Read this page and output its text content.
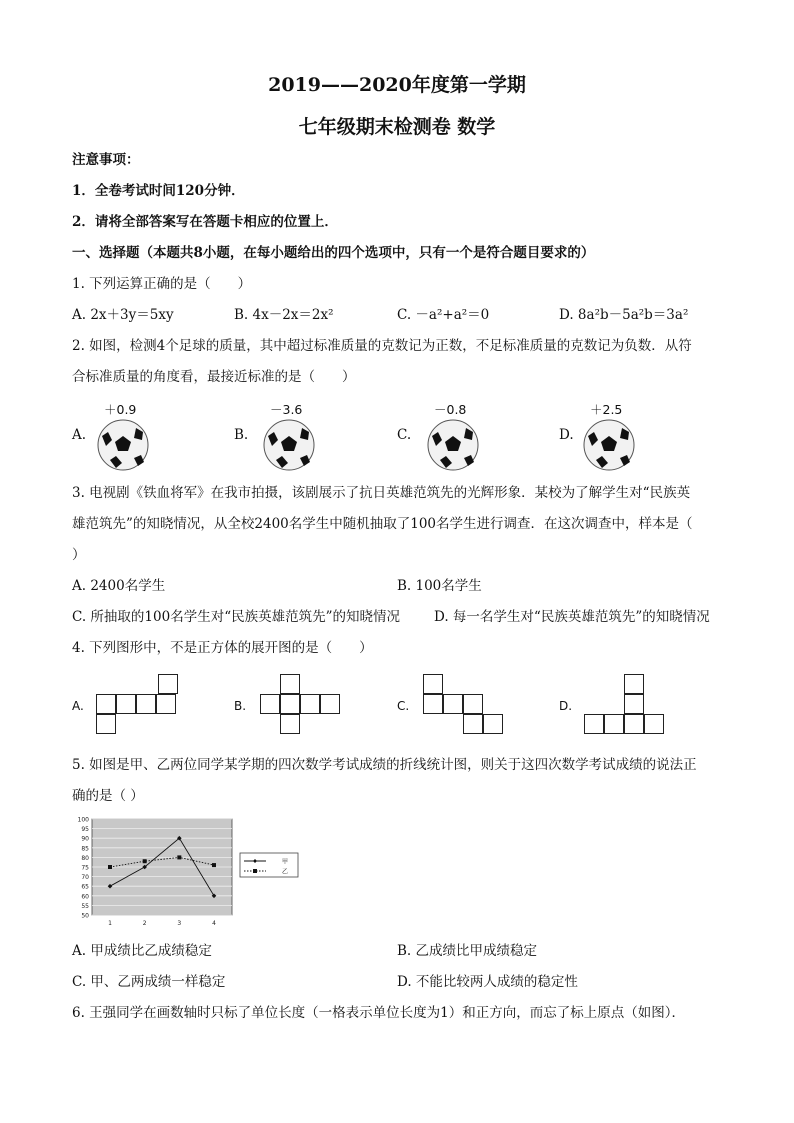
2019——2020年度第一学期
七年级期末检测卷 数学
注意事项：
1．全卷考试时间120分钟．
2．请将全部答案写在答题卡相应的位置上．
一、选择题（本题共8小题，在每小题给出的四个选项中，只有一个是符合题目要求的）
1. 下列运算正确的是（　　）
A. 2x＋3y＝5xy	B. 4x－2x＝2x²	C. －a²+a²＝0	D. 8a²b－5a²b＝3a²
2. 如图，检测4个足球的质量，其中超过标准质量的克数记为正数，不足标准质量的克数记为负数．从符
合标准质量的角度看，最接近标准的是（　　）
A.
＋0.9
B.
－3.6
C.
－0.8
D.
＋2.5
3. 电视剧《铁血将军》在我市拍摄，该剧展示了抗日英雄范筑先的光辉形象．某校为了解学生对“民族英
雄范筑先”的知晓情况，从全校2400名学生中随机抽取了100名学生进行调查．在这次调查中，样本是（
）
A. 2400名学生	B. 100名学生
C. 所抽取的100名学生对“民族英雄范筑先”的知晓情况	D. 每一名学生对“民族英雄范筑先”的知晓情况
4. 下列图形中，不是正方体的展开图的是（　　）
A.	B.	C.	D.
5. 如图是甲、乙两位同学某学期的四次数学考试成绩的折线统计图，则关于这四次数学考试成绩的说法正
确的是（ ）
50
55
60
65
70
75
80
85
90
95
100
1	2	3	4
甲
乙
A. 甲成绩比乙成绩稳定	B. 乙成绩比甲成绩稳定
C. 甲、乙两成绩一样稳定	D. 不能比较两人成绩的稳定性
6. 王强同学在画数轴时只标了单位长度（一格表示单位长度为1）和正方向，而忘了标上原点（如图）．
